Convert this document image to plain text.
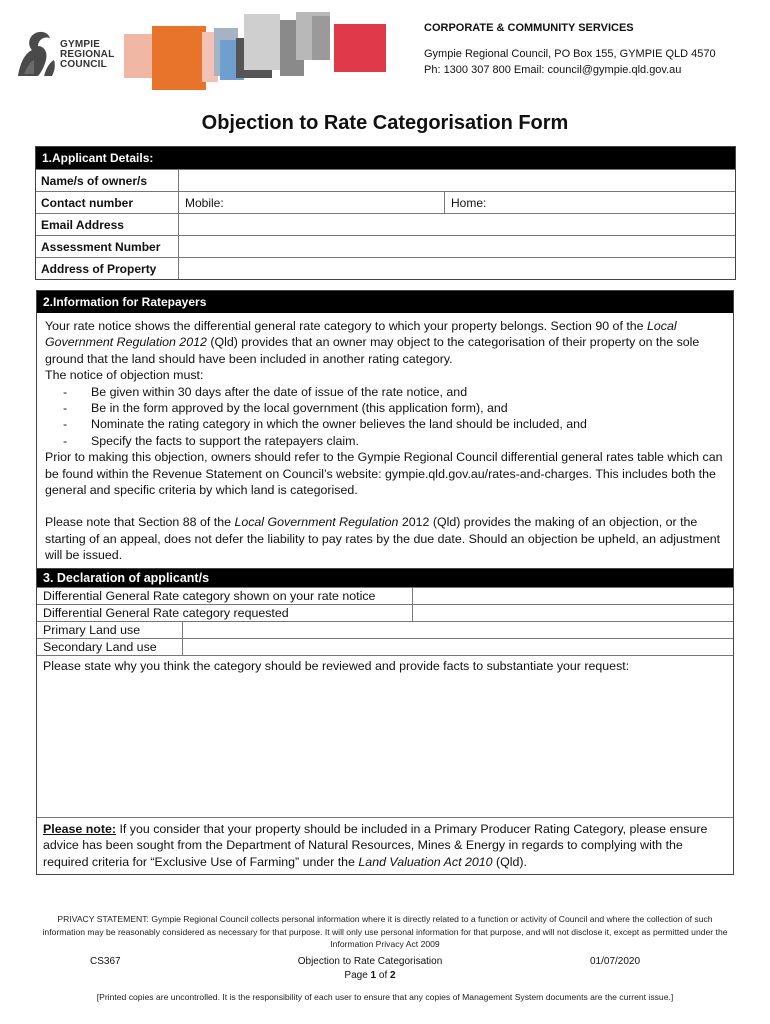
GYMPIE
REGIONAL
COUNCIL
CORPORATE & COMMUNITY SERVICES
Gympie Regional Council, PO Box 155, GYMPIE QLD 4570
Ph: 1300 307 800 Email: council@gympie.qld.gov.au
Objection to Rate Categorisation Form
1.Applicant Details:
Name/s of owner/s
Contact number	Mobile:	Home:
Email Address
Assessment Number
Address of Property
2.Information for Ratepayers

Your rate notice shows the differential general rate category to which your property belongs. Section 90 of the Local Government Regulation 2012 (Qld) provides that an owner may object to the categorisation of their property on the sole ground that the land should have been included in another rating category.

The notice of objection must:

- Be given within 30 days after the date of issue of the rate notice, and
- Be in the form approved by the local government (this application form), and
- Nominate the rating category in which the owner believes the land should be included, and
- Specify the facts to support the ratepayers claim.

Prior to making this objection, owners should refer to the Gympie Regional Council differential general rates table which can be found within the Revenue Statement on Council’s website: gympie.qld.gov.au/rates-and-charges. This includes both the general and specific criteria by which land is categorised.

Please note that Section 88 of the Local Government Regulation 2012 (Qld) provides the making of an objection, or the starting of an appeal, does not defer the liability to pay rates by the due date. Should an objection be upheld, an adjustment will be issued.

3. Declaration of applicant/s
Differential General Rate category shown on your rate notice
Differential General Rate category requested
Primary Land use
Secondary Land use
Please state why you think the category should be reviewed and provide facts to substantiate your request:
Please note: If you consider that your property should be included in a Primary Producer Rating Category, please ensure advice has been sought from the Department of Natural Resources, Mines & Energy in regards to complying with the required criteria for “Exclusive Use of Farming” under the Land Valuation Act 2010 (Qld).
PRIVACY STATEMENT: Gympie Regional Council collects personal information where it is directly related to a function or activity of Council and where the collection of such information may be reasonably considered as necessary for that purpose. It will only use personal information for that purpose, and will not disclose it, except as permitted under the Information Privacy Act 2009
CS367	Objection to Rate Categorisation
Page 1 of 2
01/07/2020
[Printed copies are uncontrolled. It is the responsibility of each user to ensure that any copies of Management System documents are the current issue.]
